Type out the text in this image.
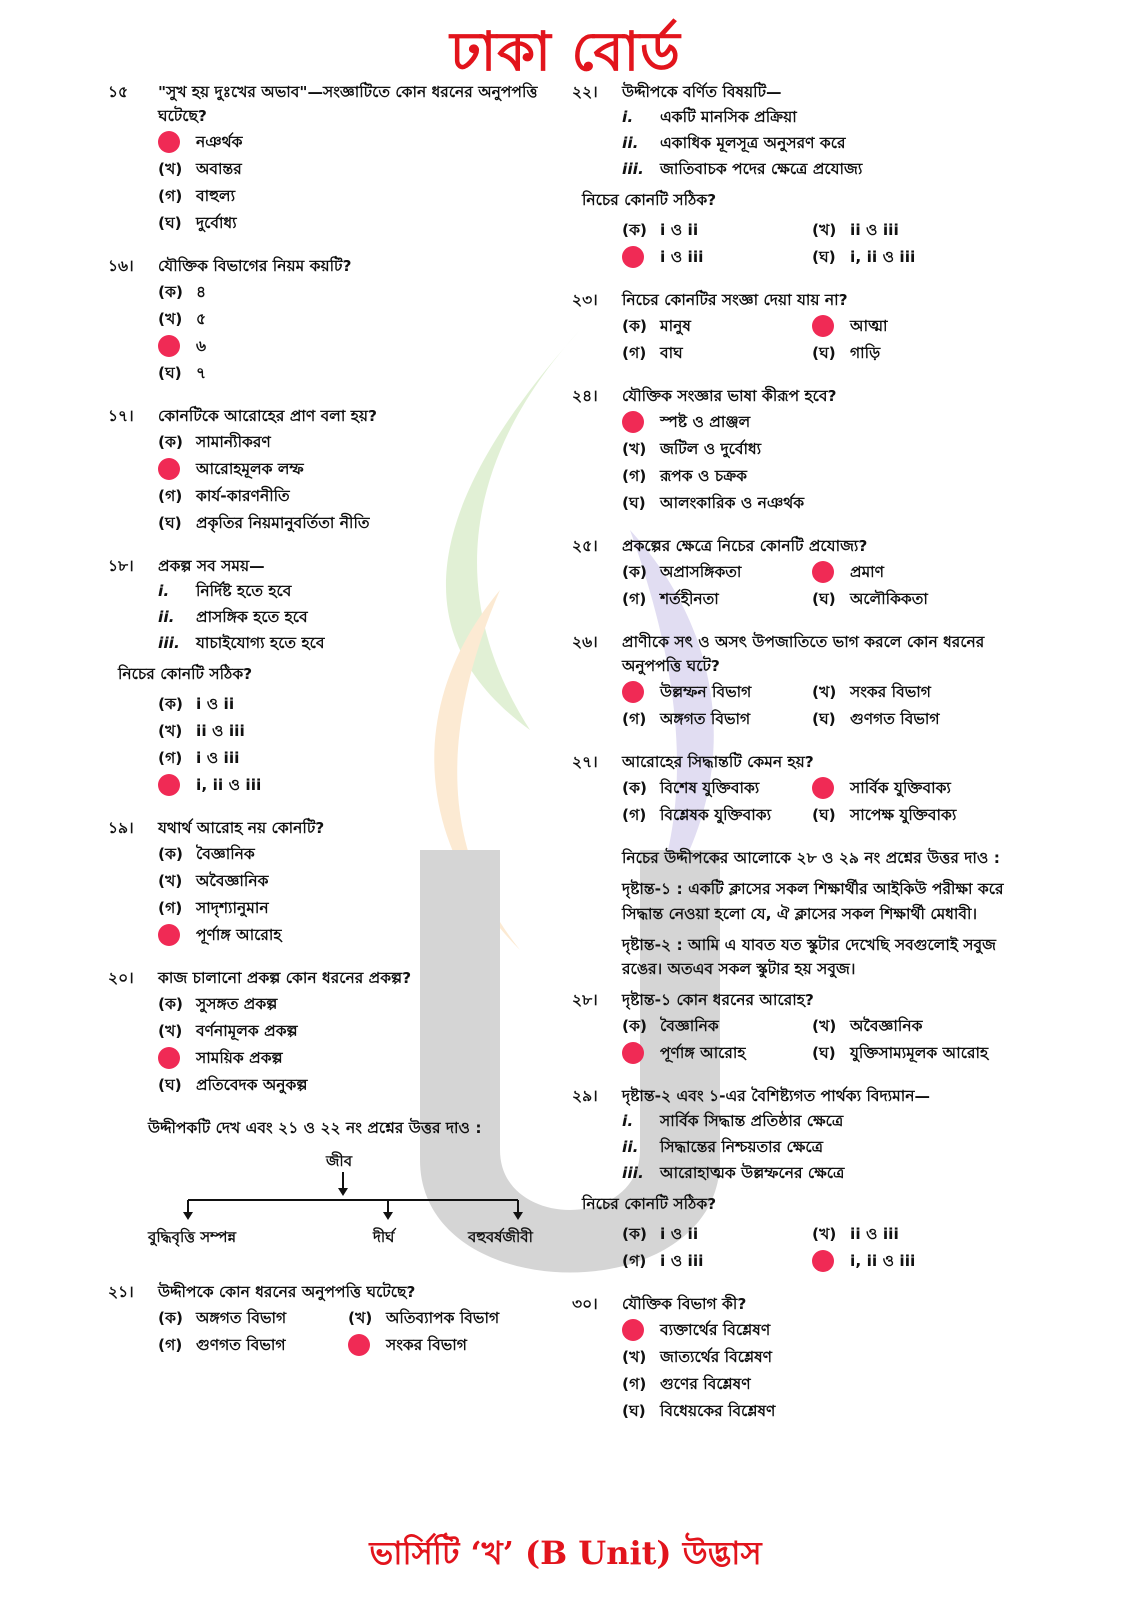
ঢাকা বোর্ড
১৫	"সুখ হয় দুঃখের অভাব"—সংজ্ঞাটিতে কোন ধরনের অনুপপত্তি ঘটেছে?
নঞর্থক
(খ) অবান্তর
(গ) বাহুল্য
(ঘ) দুর্বোধ্য
১৬।	যৌক্তিক বিভাগের নিয়ম কয়টি?
(ক) ৪
(খ) ৫
৬
(ঘ) ৭
১৭।	কোনটিকে আরোহের প্রাণ বলা হয়?
(ক) সামান্যীকরণ
আরোহমূলক লম্ফ
(গ) কার্য-কারণনীতি
(ঘ) প্রকৃতির নিয়মানুবর্তিতা নীতি
১৮।	প্রকল্প সব সময়—
i.	নির্দিষ্ট হতে হবে
ii.	প্রাসঙ্গিক হতে হবে
iii.	যাচাইযোগ্য হতে হবে
নিচের কোনটি সঠিক?
(ক) i ও ii
(খ) ii ও iii
(গ) i ও iii
i, ii ও iii
১৯।	যথার্থ আরোহ নয় কোনটি?
(ক) বৈজ্ঞানিক
(খ) অবৈজ্ঞানিক
(গ) সাদৃশ্যানুমান
পূর্ণাঙ্গ আরোহ
২০।	কাজ চালানো প্রকল্প কোন ধরনের প্রকল্প?
(ক) সুসঙ্গত প্রকল্প
(খ) বর্ণনামূলক প্রকল্প
সাময়িক প্রকল্প
(ঘ) প্রতিবেদক অনুকল্প
উদ্দীপকটি দেখ এবং ২১ ও ২২ নং প্রশ্নের উত্তর দাও :
জীব
বুদ্ধিবৃত্তি সম্পন্ন	দীর্ঘ	বহুবর্ষজীবী
২১।	উদ্দীপকে কোন ধরনের অনুপপত্তি ঘটেছে?
(ক) অঙ্গগত বিভাগ	(খ) অতিব্যাপক বিভাগ
(গ) গুণগত বিভাগ	সংকর বিভাগ
২২।	উদ্দীপকে বর্ণিত বিষয়টি—
i.	একটি মানসিক প্রক্রিয়া
ii.	একাধিক মূলসূত্র অনুসরণ করে
iii.	জাতিবাচক পদের ক্ষেত্রে প্রযোজ্য
নিচের কোনটি সঠিক?
(ক) i ও ii	(খ) ii ও iii
i ও iii	(ঘ) i, ii ও iii
২৩।	নিচের কোনটির সংজ্ঞা দেয়া যায় না?
(ক) মানুষ	আত্মা
(গ) বাঘ	(ঘ) গাড়ি
২৪।	যৌক্তিক সংজ্ঞার ভাষা কীরূপ হবে?
স্পষ্ট ও প্রাঞ্জল
(খ) জটিল ও দুর্বোধ্য
(গ) রূপক ও চক্রক
(ঘ) আলংকারিক ও নঞর্থক
২৫।	প্রকল্পের ক্ষেত্রে নিচের কোনটি প্রযোজ্য?
(ক) অপ্রাসঙ্গিকতা	প্রমাণ
(গ) শর্তহীনতা	(ঘ) অলৌকিকতা
২৬।	প্রাণীকে সৎ ও অসৎ উপজাতিতে ভাগ করলে কোন ধরনের অনুপপত্তি ঘটে?
উল্লম্ফন বিভাগ	(খ) সংকর বিভাগ
(গ) অঙ্গগত বিভাগ	(ঘ) গুণগত বিভাগ
২৭।	আরোহের সিদ্ধান্তটি কেমন হয়?
(ক) বিশেষ যুক্তিবাক্য	সার্বিক যুক্তিবাক্য
(গ) বিশ্লেষক যুক্তিবাক্য	(ঘ) সাপেক্ষ যুক্তিবাক্য
নিচের উদ্দীপকের আলোকে ২৮ ও ২৯ নং প্রশ্নের উত্তর দাও :
দৃষ্টান্ত-১ : একটি ক্লাসের সকল শিক্ষার্থীর আইকিউ পরীক্ষা করে সিদ্ধান্ত নেওয়া হলো যে, ঐ ক্লাসের সকল শিক্ষার্থী মেধাবী।
দৃষ্টান্ত-২ : আমি এ যাবত যত স্কুটার দেখেছি সবগুলোই সবুজ রঙের। অতএব সকল স্কুটার হয় সবুজ।
২৮।	দৃষ্টান্ত-১ কোন ধরনের আরোহ?
(ক) বৈজ্ঞানিক	(খ) অবৈজ্ঞানিক
পূর্ণাঙ্গ আরোহ	(ঘ) যুক্তিসাম্যমূলক আরোহ
২৯।	দৃষ্টান্ত-২ এবং ১-এর বৈশিষ্ট্যগত পার্থক্য বিদ্যমান—
i.	সার্বিক সিদ্ধান্ত প্রতিষ্ঠার ক্ষেত্রে
ii.	সিদ্ধান্তের নিশ্চয়তার ক্ষেত্রে
iii.	আরোহাত্মক উল্লম্ফনের ক্ষেত্রে
নিচের কোনটি সঠিক?
(ক) i ও ii	(খ) ii ও iii
(গ) i ও iii	i, ii ও iii
৩০।	যৌক্তিক বিভাগ কী?
ব্যক্তার্থের বিশ্লেষণ
(খ) জাত্যর্থের বিশ্লেষণ
(গ) গুণের বিশ্লেষণ
(ঘ) বিধেয়কের বিশ্লেষণ
ভার্সিটি ‘খ’ (B Unit) উদ্ভাস
